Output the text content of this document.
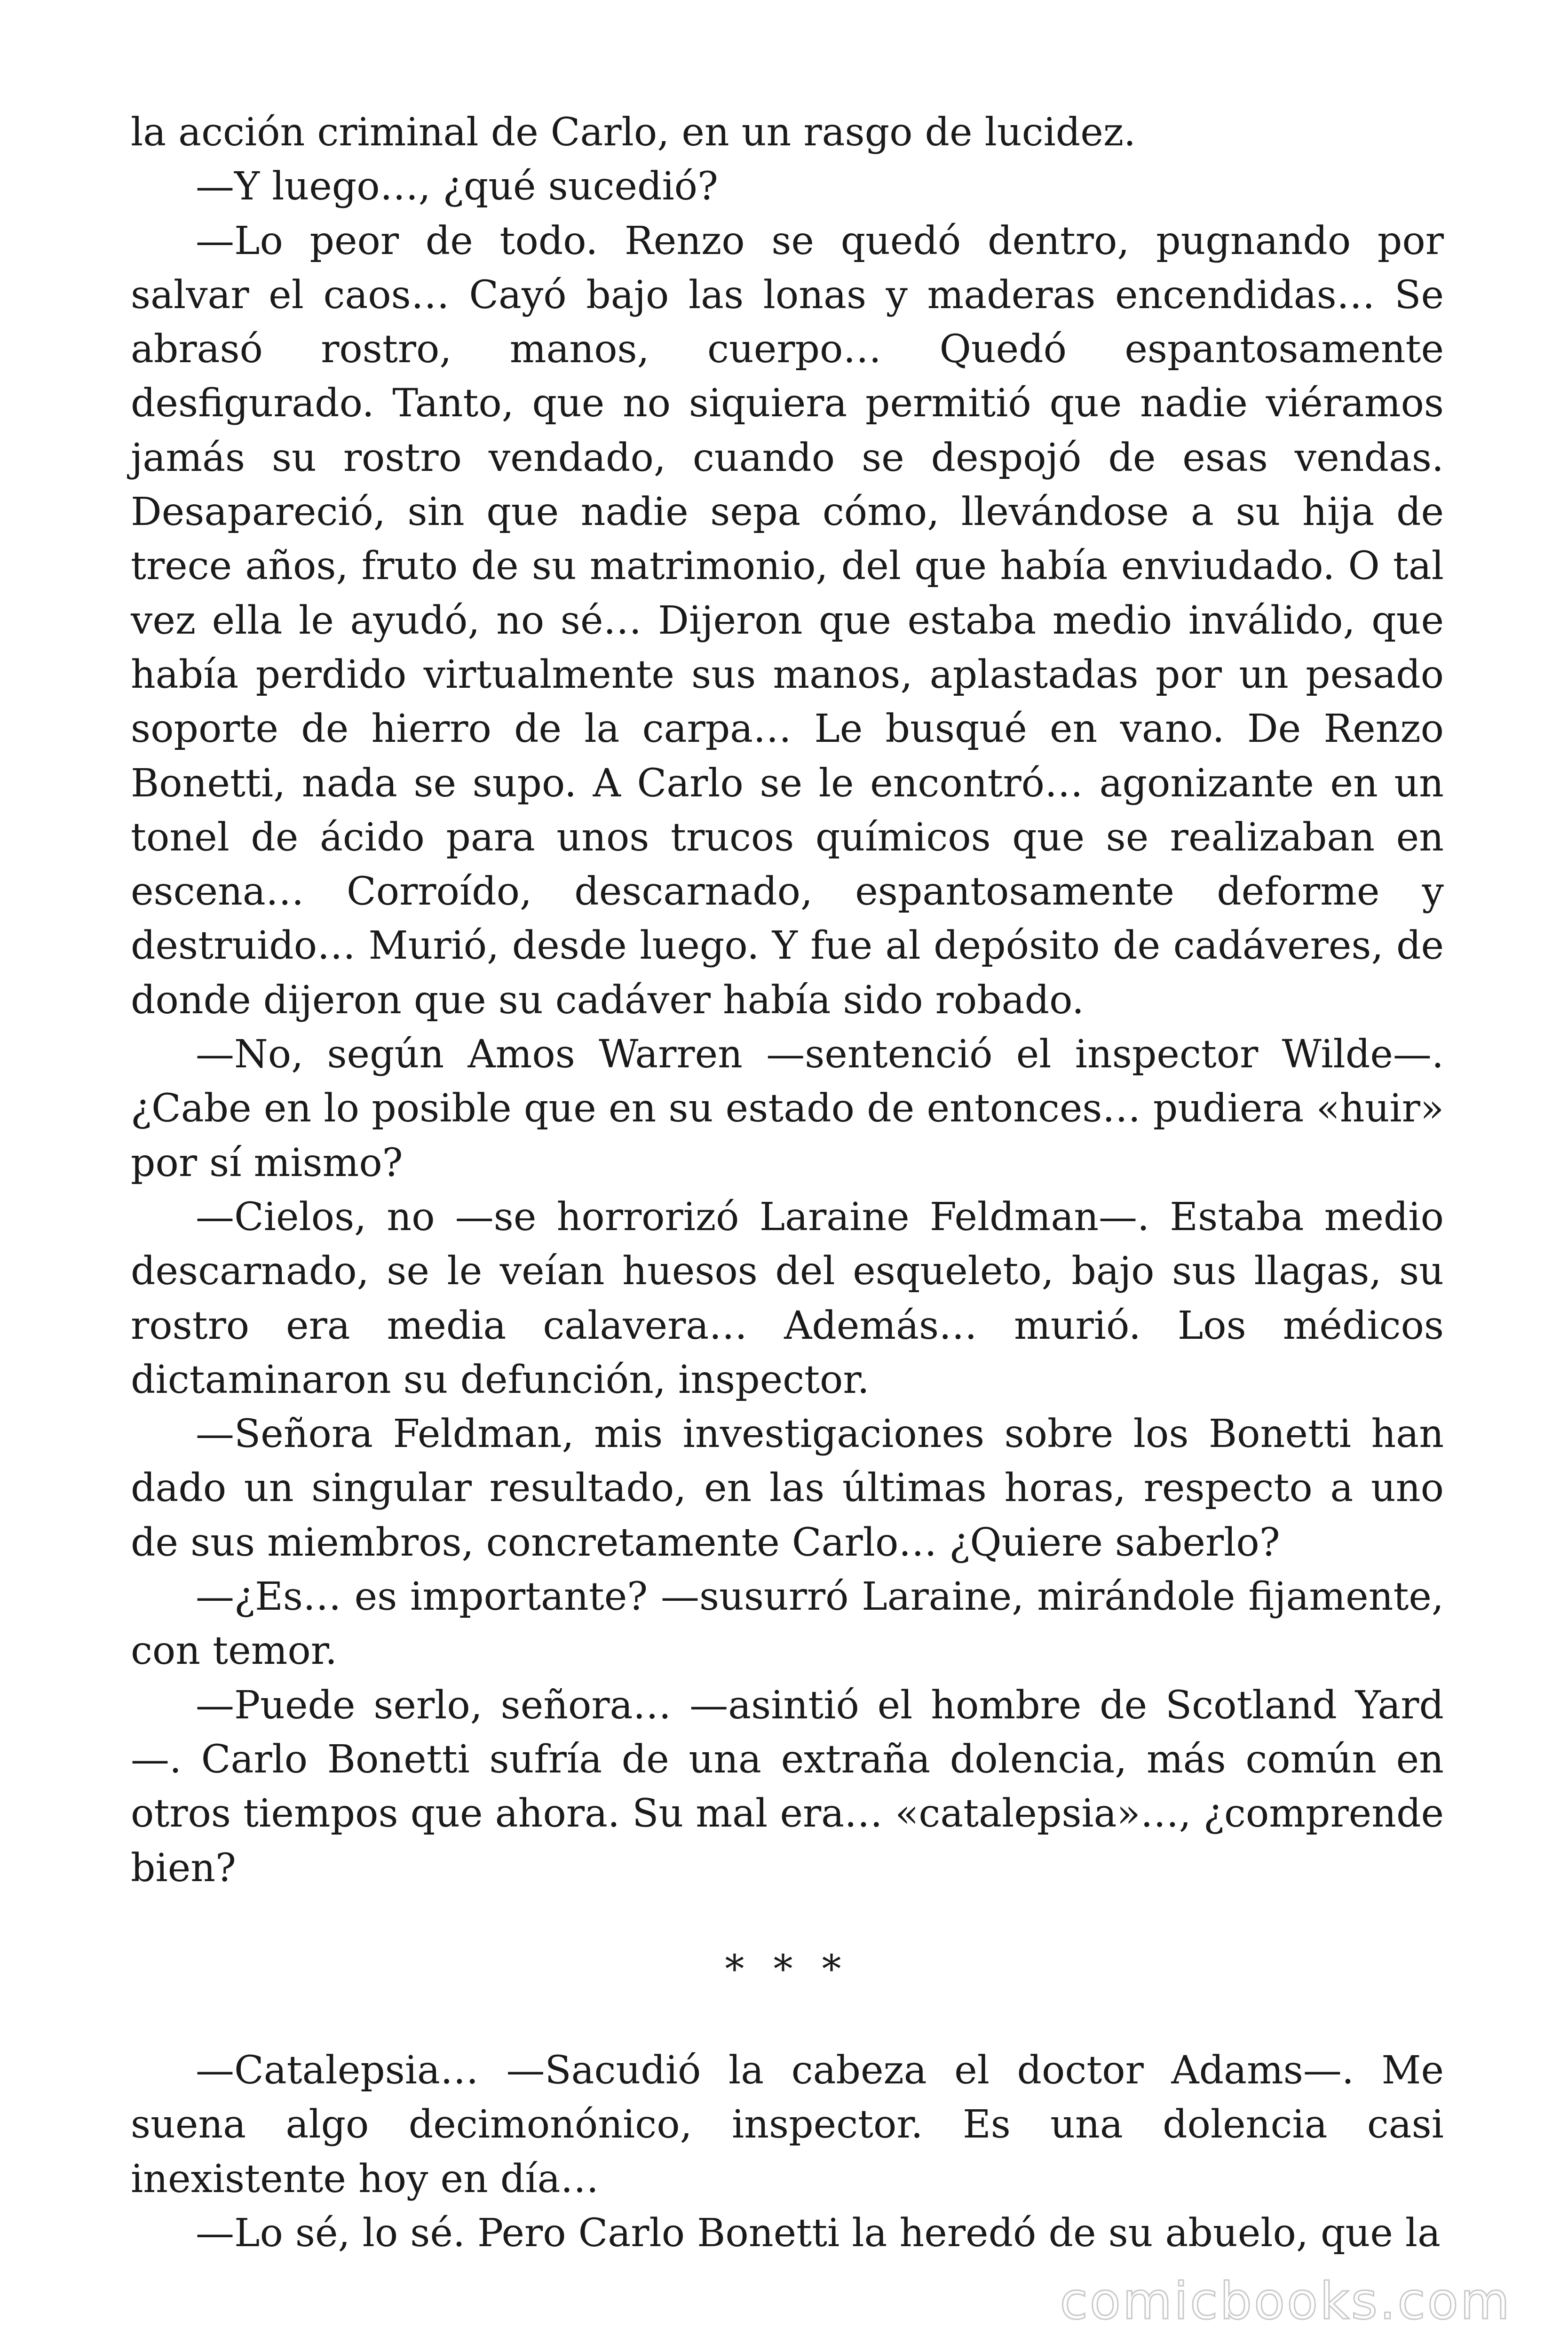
la acción criminal de Carlo, en un rasgo de lucidez.

—Y luego…, ¿qué sucedió?

—Lo peor de todo. Renzo se quedó dentro, pugnando por salvar el caos… Cayó bajo las lonas y maderas encendidas… Se abrasó rostro, manos, cuerpo… Quedó espantosamente desfigurado. Tanto, que no siquiera permitió que nadie viéramos jamás su rostro vendado, cuando se despojó de esas vendas. Desapareció, sin que nadie sepa cómo, llevándose a su hija de trece años, fruto de su matrimonio, del que había enviudado. O tal vez ella le ayudó, no sé… Dijeron que estaba medio inválido, que había perdido virtualmente sus manos, aplastadas por un pesado soporte de hierro de la carpa… Le busqué en vano. De Renzo Bonetti, nada se supo. A Carlo se le encontró… agonizante en un tonel de ácido para unos trucos químicos que se realizaban en escena… Corroído, descarnado, espantosamente deforme y destruido… Murió, desde luego. Y fue al depósito de cadáveres, de donde dijeron que su cadáver había sido robado.

—No, según Amos Warren —sentenció el inspector Wilde—. ¿Cabe en lo posible que en su estado de entonces… pudiera «huir» por sí mismo?

—Cielos, no —se horrorizó Laraine Feldman—. Estaba medio descarnado, se le veían huesos del esqueleto, bajo sus llagas, su rostro era media calavera… Además… murió. Los médicos dictaminaron su defunción, inspector.

—Señora Feldman, mis investigaciones sobre los Bonetti han dado un singular resultado, en las últimas horas, respecto a uno de sus miembros, concretamente Carlo… ¿Quiere saberlo?

—¿Es… es importante? —susurró Laraine, mirándole fijamente, con temor.

—Puede serlo, señora… —asintió el hombre de Scotland Yard—. Carlo Bonetti sufría de una extraña dolencia, más común en otros tiempos que ahora. Su mal era… «catalepsia»…, ¿comprende bien?

* * *

—Catalepsia… —Sacudió la cabeza el doctor Adams—. Me suena algo decimonónico, inspector. Es una dolencia casi inexistente hoy en día…

—Lo sé, lo sé. Pero Carlo Bonetti la heredó de su abuelo, que la

comicbooks.com
